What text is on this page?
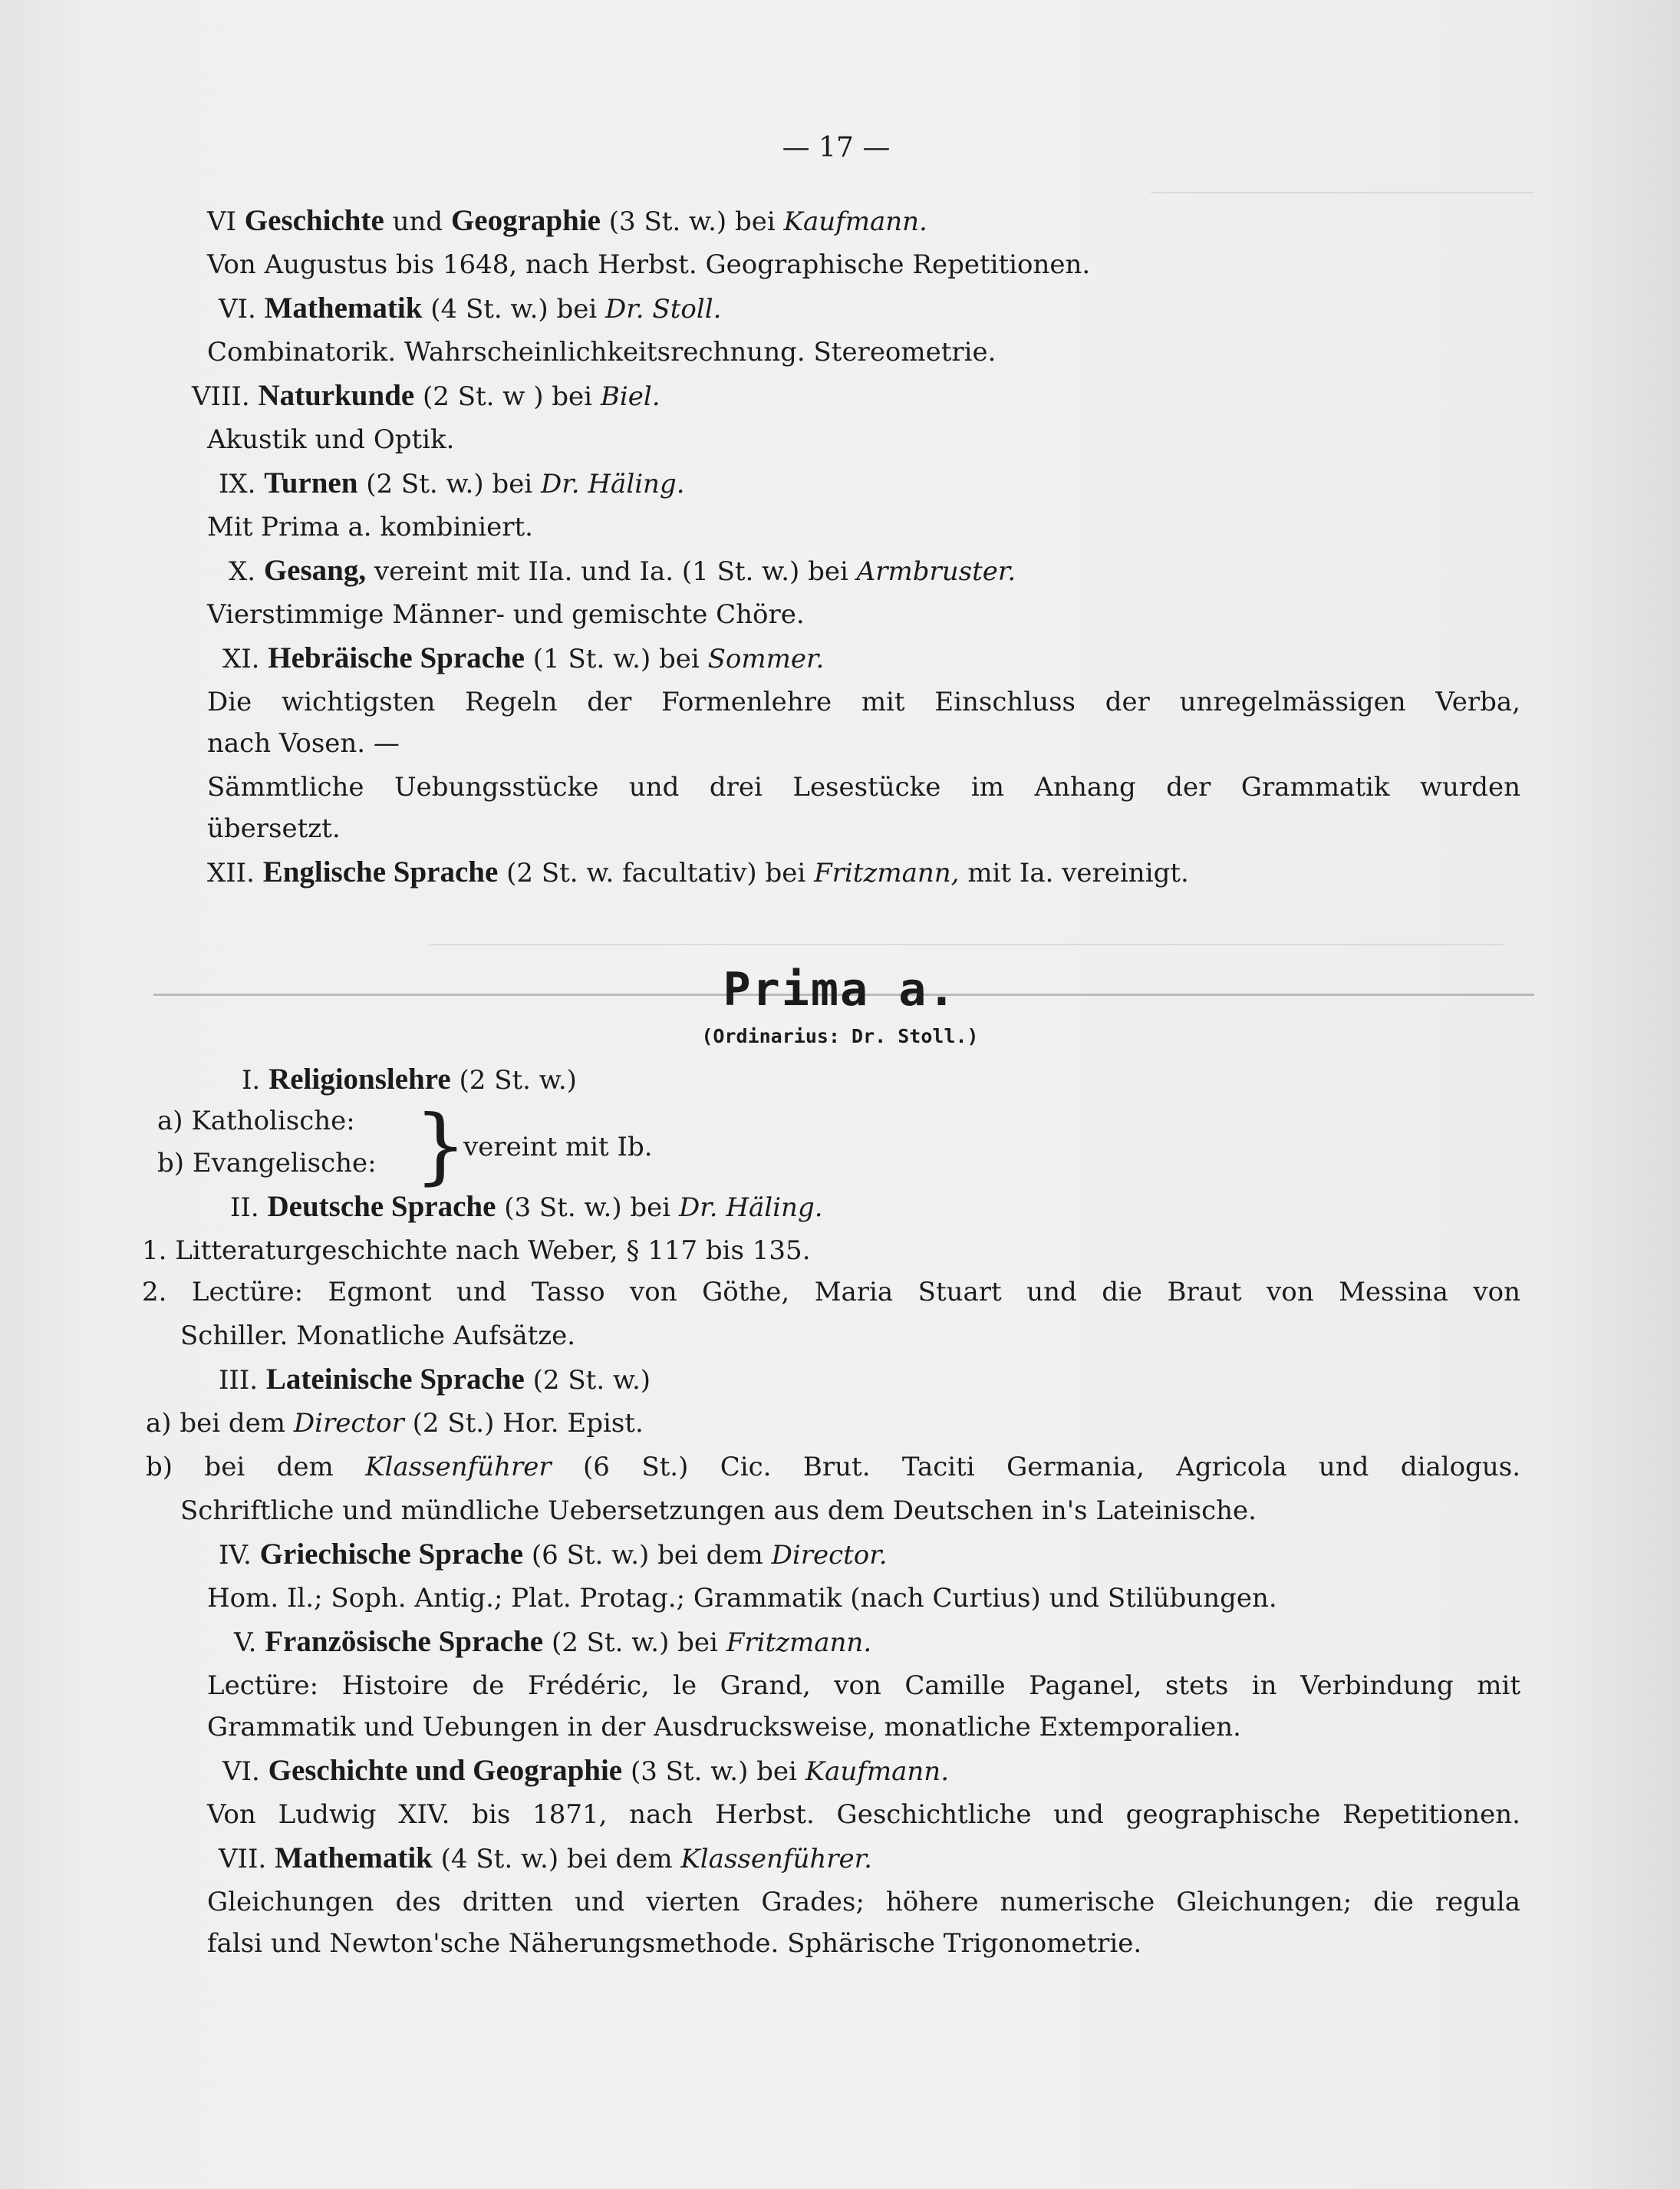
— 17 —
VI Geschichte und Geographie (3 St. w.) bei Kaufmann.
Von Augustus bis 1648, nach Herbst. Geographische Repetitionen.
VI. Mathematik (4 St. w.) bei Dr. Stoll.
Combinatorik. Wahrscheinlichkeitsrechnung. Stereometrie.
VIII. Naturkunde (2 St. w ) bei Biel.
Akustik und Optik.
IX. Turnen (2 St. w.) bei Dr. Häling.
Mit Prima a. kombiniert.
X. Gesang, vereint mit IIa. und Ia. (1 St. w.) bei Armbruster.
Vierstimmige Männer- und gemischte Chöre.
XI. Hebräische Sprache (1 St. w.) bei Sommer.
Die wichtigsten Regeln der Formenlehre mit Einschluss der unregelmässigen Verba,
nach Vosen. —
Sämmtliche Uebungsstücke und drei Lesestücke im Anhang der Grammatik wurden
übersetzt.
XII. Englische Sprache (2 St. w. facultativ) bei Fritzmann, mit Ia. vereinigt.
Prima a.
(Ordinarius: Dr. Stoll.)
I. Religionslehre (2 St. w.)
a) Katholische:
b) Evangelische: }
vereint mit Ib.
II. Deutsche Sprache (3 St. w.) bei Dr. Häling.
1. Litteraturgeschichte nach Weber, § 117 bis 135.
2. Lectüre: Egmont und Tasso von Göthe, Maria Stuart und die Braut von Messina von
Schiller. Monatliche Aufsätze.
III. Lateinische Sprache (2 St. w.)
a) bei dem Director (2 St.) Hor. Epist.
b) bei dem Klassenführer (6 St.) Cic. Brut. Taciti Germania, Agricola und dialogus.
Schriftliche und mündliche Uebersetzungen aus dem Deutschen in's Lateinische.
IV. Griechische Sprache (6 St. w.) bei dem Director.
Hom. Il.; Soph. Antig.; Plat. Protag.; Grammatik (nach Curtius) und Stilübungen.
V. Französische Sprache (2 St. w.) bei Fritzmann.
Lectüre: Histoire de Frédéric, le Grand, von Camille Paganel, stets in Verbindung mit
Grammatik und Uebungen in der Ausdrucksweise, monatliche Extemporalien.
VI. Geschichte und Geographie (3 St. w.) bei Kaufmann.
Von Ludwig XIV. bis 1871, nach Herbst. Geschichtliche und geographische Repetitionen.
VII. Mathematik (4 St. w.) bei dem Klassenführer.
Gleichungen des dritten und vierten Grades; höhere numerische Gleichungen; die regula
falsi und Newton'sche Näherungsmethode. Sphärische Trigonometrie.
